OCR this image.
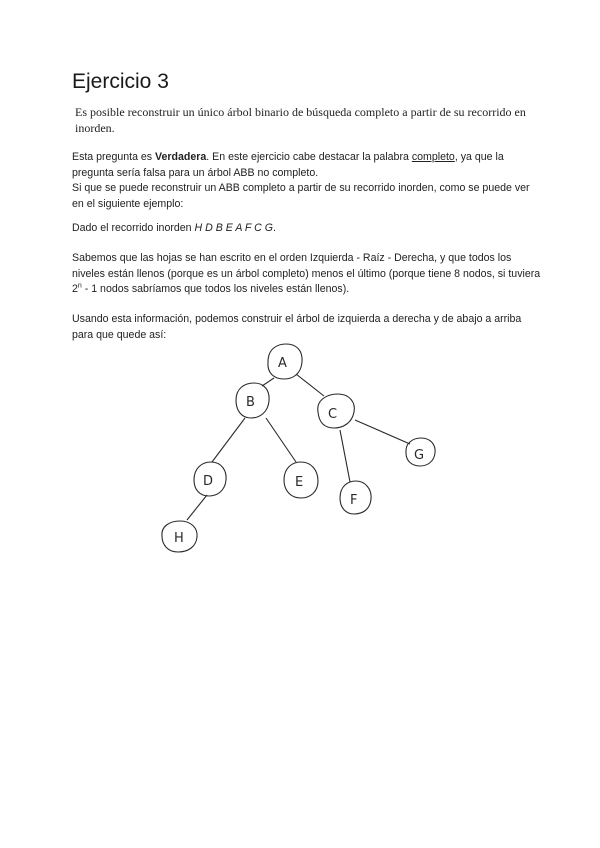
Ejercicio 3
Es posible reconstruir un único árbol binario de búsqueda completo a partir de su recorrido en inorden.

Esta pregunta es Verdadera. En este ejercicio cabe destacar la palabra completo, ya que la pregunta sería falsa para un árbol ABB no completo.

Si que se puede reconstruir un ABB completo a partir de su recorrido inorden, como se puede ver en el siguiente ejemplo:

Dado el recorrido inorden H D B E A F C G.

Sabemos que las hojas se han escrito en el orden Izquierda - Raíz - Derecha, y que todos los niveles están llenos (porque es un árbol completo) menos el último (porque tiene 8 nodos, si tuviera 2$^n$ - 1 nodos sabríamos que todos los niveles están llenos).

Usando esta información, podemos construir el árbol de izquierda a derecha y de abajo a arriba para que quede así:

A
B
C
D	E
F
G
H
